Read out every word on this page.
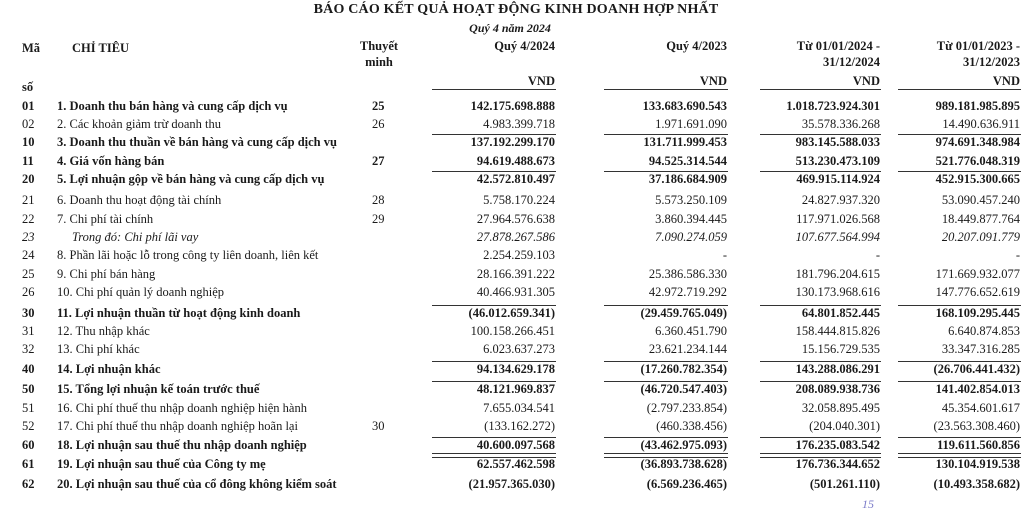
BÁO CÁO KẾT QUẢ HOẠT ĐỘNG KINH DOANH HỢP NHẤT
Quý 4 năm 2024
Mã
số
CHỈ TIÊU	Thuyết
minh
Quý 4/2024	Quý 4/2023	Từ 01/01/2024 -
31/12/2024
Từ 01/01/2023 -
31/12/2023
VND	VND	VND	VND
01 1. Doanh thu bán hàng và cung cấp dịch vụ	25	142.175.698.888	133.683.690.543	1.018.723.924.301	989.181.985.895
02 2. Các khoản giảm trừ doanh thu	26	4.983.399.718	1.971.691.090	35.578.336.268	14.490.636.911
10 3. Doanh thu thuần về bán hàng và cung cấp dịch vụ	137.192.299.170	131.711.999.453	983.145.588.033	974.691.348.984
11 4. Giá vốn hàng bán	27	94.619.488.673	94.525.314.544	513.230.473.109	521.776.048.319
20 5. Lợi nhuận gộp về bán hàng và cung cấp dịch vụ	42.572.810.497	37.186.684.909	469.915.114.924	452.915.300.665
21 6. Doanh thu hoạt động tài chính	28	5.758.170.224	5.573.250.109	24.827.937.320	53.090.457.240
22 7. Chi phí tài chính	29	27.964.576.638	3.860.394.445	117.971.026.568	18.449.877.764
23	Trong đó: Chi phí lãi vay	27.878.267.586	7.090.274.059	107.677.564.994	20.207.091.779
24 8. Phần lãi hoặc lỗ trong công ty liên doanh, liên kết	2.254.259.103	-	-	-
25 9. Chi phí bán hàng	28.166.391.222	25.386.586.330	181.796.204.615	171.669.932.077
26 10. Chi phí quản lý doanh nghiệp	40.466.931.305	42.972.719.292	130.173.968.616	147.776.652.619
30 11. Lợi nhuận thuần từ hoạt động kinh doanh	(46.012.659.341)	(29.459.765.049)	64.801.852.445	168.109.295.445
31 12. Thu nhập khác	100.158.266.451	6.360.451.790	158.444.815.826	6.640.874.853
32 13. Chi phí khác	6.023.637.273	23.621.234.144	15.156.729.535	33.347.316.285
40 14. Lợi nhuận khác	94.134.629.178	(17.260.782.354)	143.288.086.291	(26.706.441.432)
50 15. Tổng lợi nhuận kế toán trước thuế	48.121.969.837	(46.720.547.403)	208.089.938.736	141.402.854.013
51 16. Chi phí thuế thu nhập doanh nghiệp hiện hành	7.655.034.541	(2.797.233.854)	32.058.895.495	45.354.601.617
52 17. Chi phí thuế thu nhập doanh nghiệp hoãn lại	30	(133.162.272)	(460.338.456)	(204.040.301)	(23.563.308.460)
60 18. Lợi nhuận sau thuế thu nhập doanh nghiệp	40.600.097.568	(43.462.975.093)	176.235.083.542	119.611.560.856
61 19. Lợi nhuận sau thuế của Công ty mẹ	62.557.462.598	(36.893.738.628)	176.736.344.652	130.104.919.538
62 20. Lợi nhuận sau thuế của cổ đông không kiểm soát	(21.957.365.030)	(6.569.236.465)	(501.261.110)	(10.493.358.682)
15
